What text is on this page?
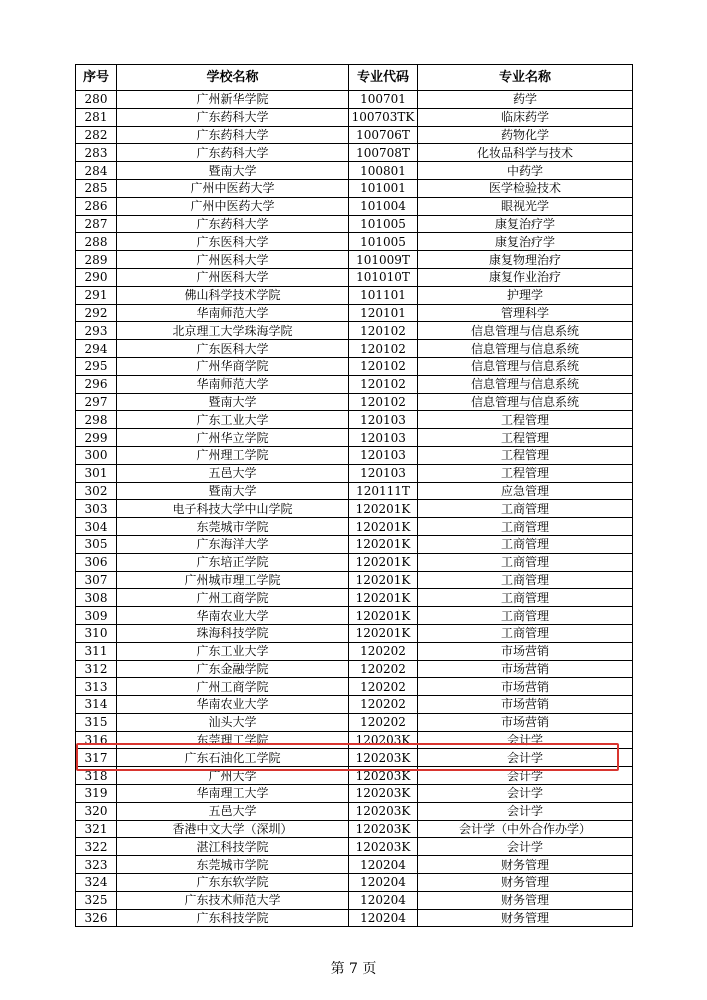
序号	学校名称	专业代码	专业名称
280	广州新华学院	100701	药学
281	广东药科大学	100703TK	临床药学
282	广东药科大学	100706T	药物化学
283	广东药科大学	100708T	化妆品科学与技术
284	暨南大学	100801	中药学
285	广州中医药大学	101001	医学检验技术
286	广州中医药大学	101004	眼视光学
287	广东药科大学	101005	康复治疗学
288	广东医科大学	101005	康复治疗学
289	广州医科大学	101009T	康复物理治疗
290	广州医科大学	101010T	康复作业治疗
291	佛山科学技术学院	101101	护理学
292	华南师范大学	120101	管理科学
293	北京理工大学珠海学院	120102	信息管理与信息系统
294	广东医科大学	120102	信息管理与信息系统
295	广州华商学院	120102	信息管理与信息系统
296	华南师范大学	120102	信息管理与信息系统
297	暨南大学	120102	信息管理与信息系统
298	广东工业大学	120103	工程管理
299	广州华立学院	120103	工程管理
300	广州理工学院	120103	工程管理
301	五邑大学	120103	工程管理
302	暨南大学	120111T	应急管理
303	电子科技大学中山学院	120201K	工商管理
304	东莞城市学院	120201K	工商管理
305	广东海洋大学	120201K	工商管理
306	广东培正学院	120201K	工商管理
307	广州城市理工学院	120201K	工商管理
308	广州工商学院	120201K	工商管理
309	华南农业大学	120201K	工商管理
310	珠海科技学院	120201K	工商管理
311	广东工业大学	120202	市场营销
312	广东金融学院	120202	市场营销
313	广州工商学院	120202	市场营销
314	华南农业大学	120202	市场营销
315	汕头大学	120202	市场营销
316	东莞理工学院	120203K	会计学
317	广东石油化工学院	120203K	会计学
318	广州大学	120203K	会计学
319	华南理工大学	120203K	会计学
320	五邑大学	120203K	会计学
321	香港中文大学（深圳）	120203K	会计学（中外合作办学）
322	湛江科技学院	120203K	会计学
323	东莞城市学院	120204	财务管理
324	广东东软学院	120204	财务管理
325	广东技术师范大学	120204	财务管理
326	广东科技学院	120204	财务管理
第 7 页
